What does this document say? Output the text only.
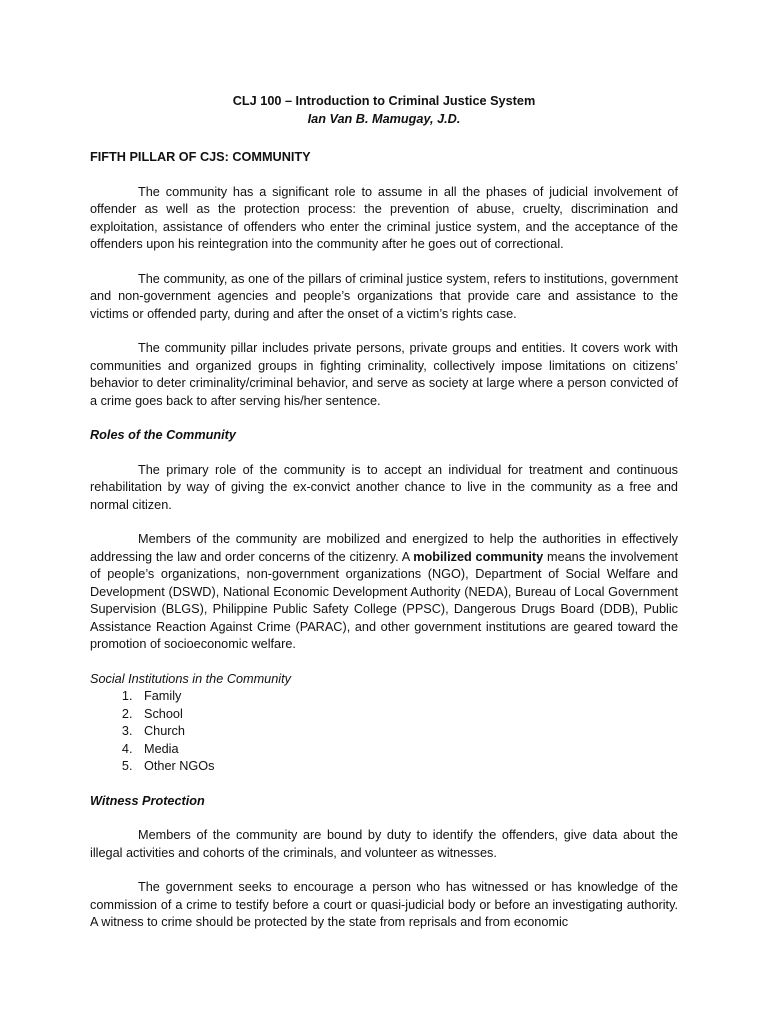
CLJ 100 – Introduction to Criminal Justice System
Ian Van B. Mamugay, J.D.
FIFTH PILLAR OF CJS: COMMUNITY

The community has a significant role to assume in all the phases of judicial involvement of offender as well as the protection process: the prevention of abuse, cruelty, discrimination and exploitation, assistance of offenders who enter the criminal justice system, and the acceptance of the offenders upon his reintegration into the community after he goes out of correctional.

The community, as one of the pillars of criminal justice system, refers to institutions, government and non-government agencies and people’s organizations that provide care and assistance to the victims or offended party, during and after the onset of a victim’s rights case.

The community pillar includes private persons, private groups and entities. It covers work with communities and organized groups in fighting criminality, collectively impose limitations on citizens’ behavior to deter criminality/criminal behavior, and serve as society at large where a person convicted of a crime goes back to after serving his/her sentence.

Roles of the Community

The primary role of the community is to accept an individual for treatment and continuous rehabilitation by way of giving the ex-convict another chance to live in the community as a free and normal citizen.

Members of the community are mobilized and energized to help the authorities in effectively addressing the law and order concerns of the citizenry. A mobilized community means the involvement of people’s organizations, non-government organizations (NGO), Department of Social Welfare and Development (DSWD), National Economic Development Authority (NEDA), Bureau of Local Government Supervision (BLGS), Philippine Public Safety College (PPSC), Dangerous Drugs Board (DDB), Public Assistance Reaction Against Crime (PARAC), and other government institutions are geared toward the promotion of socioeconomic welfare.

Social Institutions in the Community
1. Family
2. School
3. Church
4. Media
5. Other NGOs
Witness Protection

Members of the community are bound by duty to identify the offenders, give data about the illegal activities and cohorts of the criminals, and volunteer as witnesses.

The government seeks to encourage a person who has witnessed or has knowledge of the commission of a crime to testify before a court or quasi-judicial body or before an investigating authority. A witness to crime should be protected by the state from reprisals and from economic
